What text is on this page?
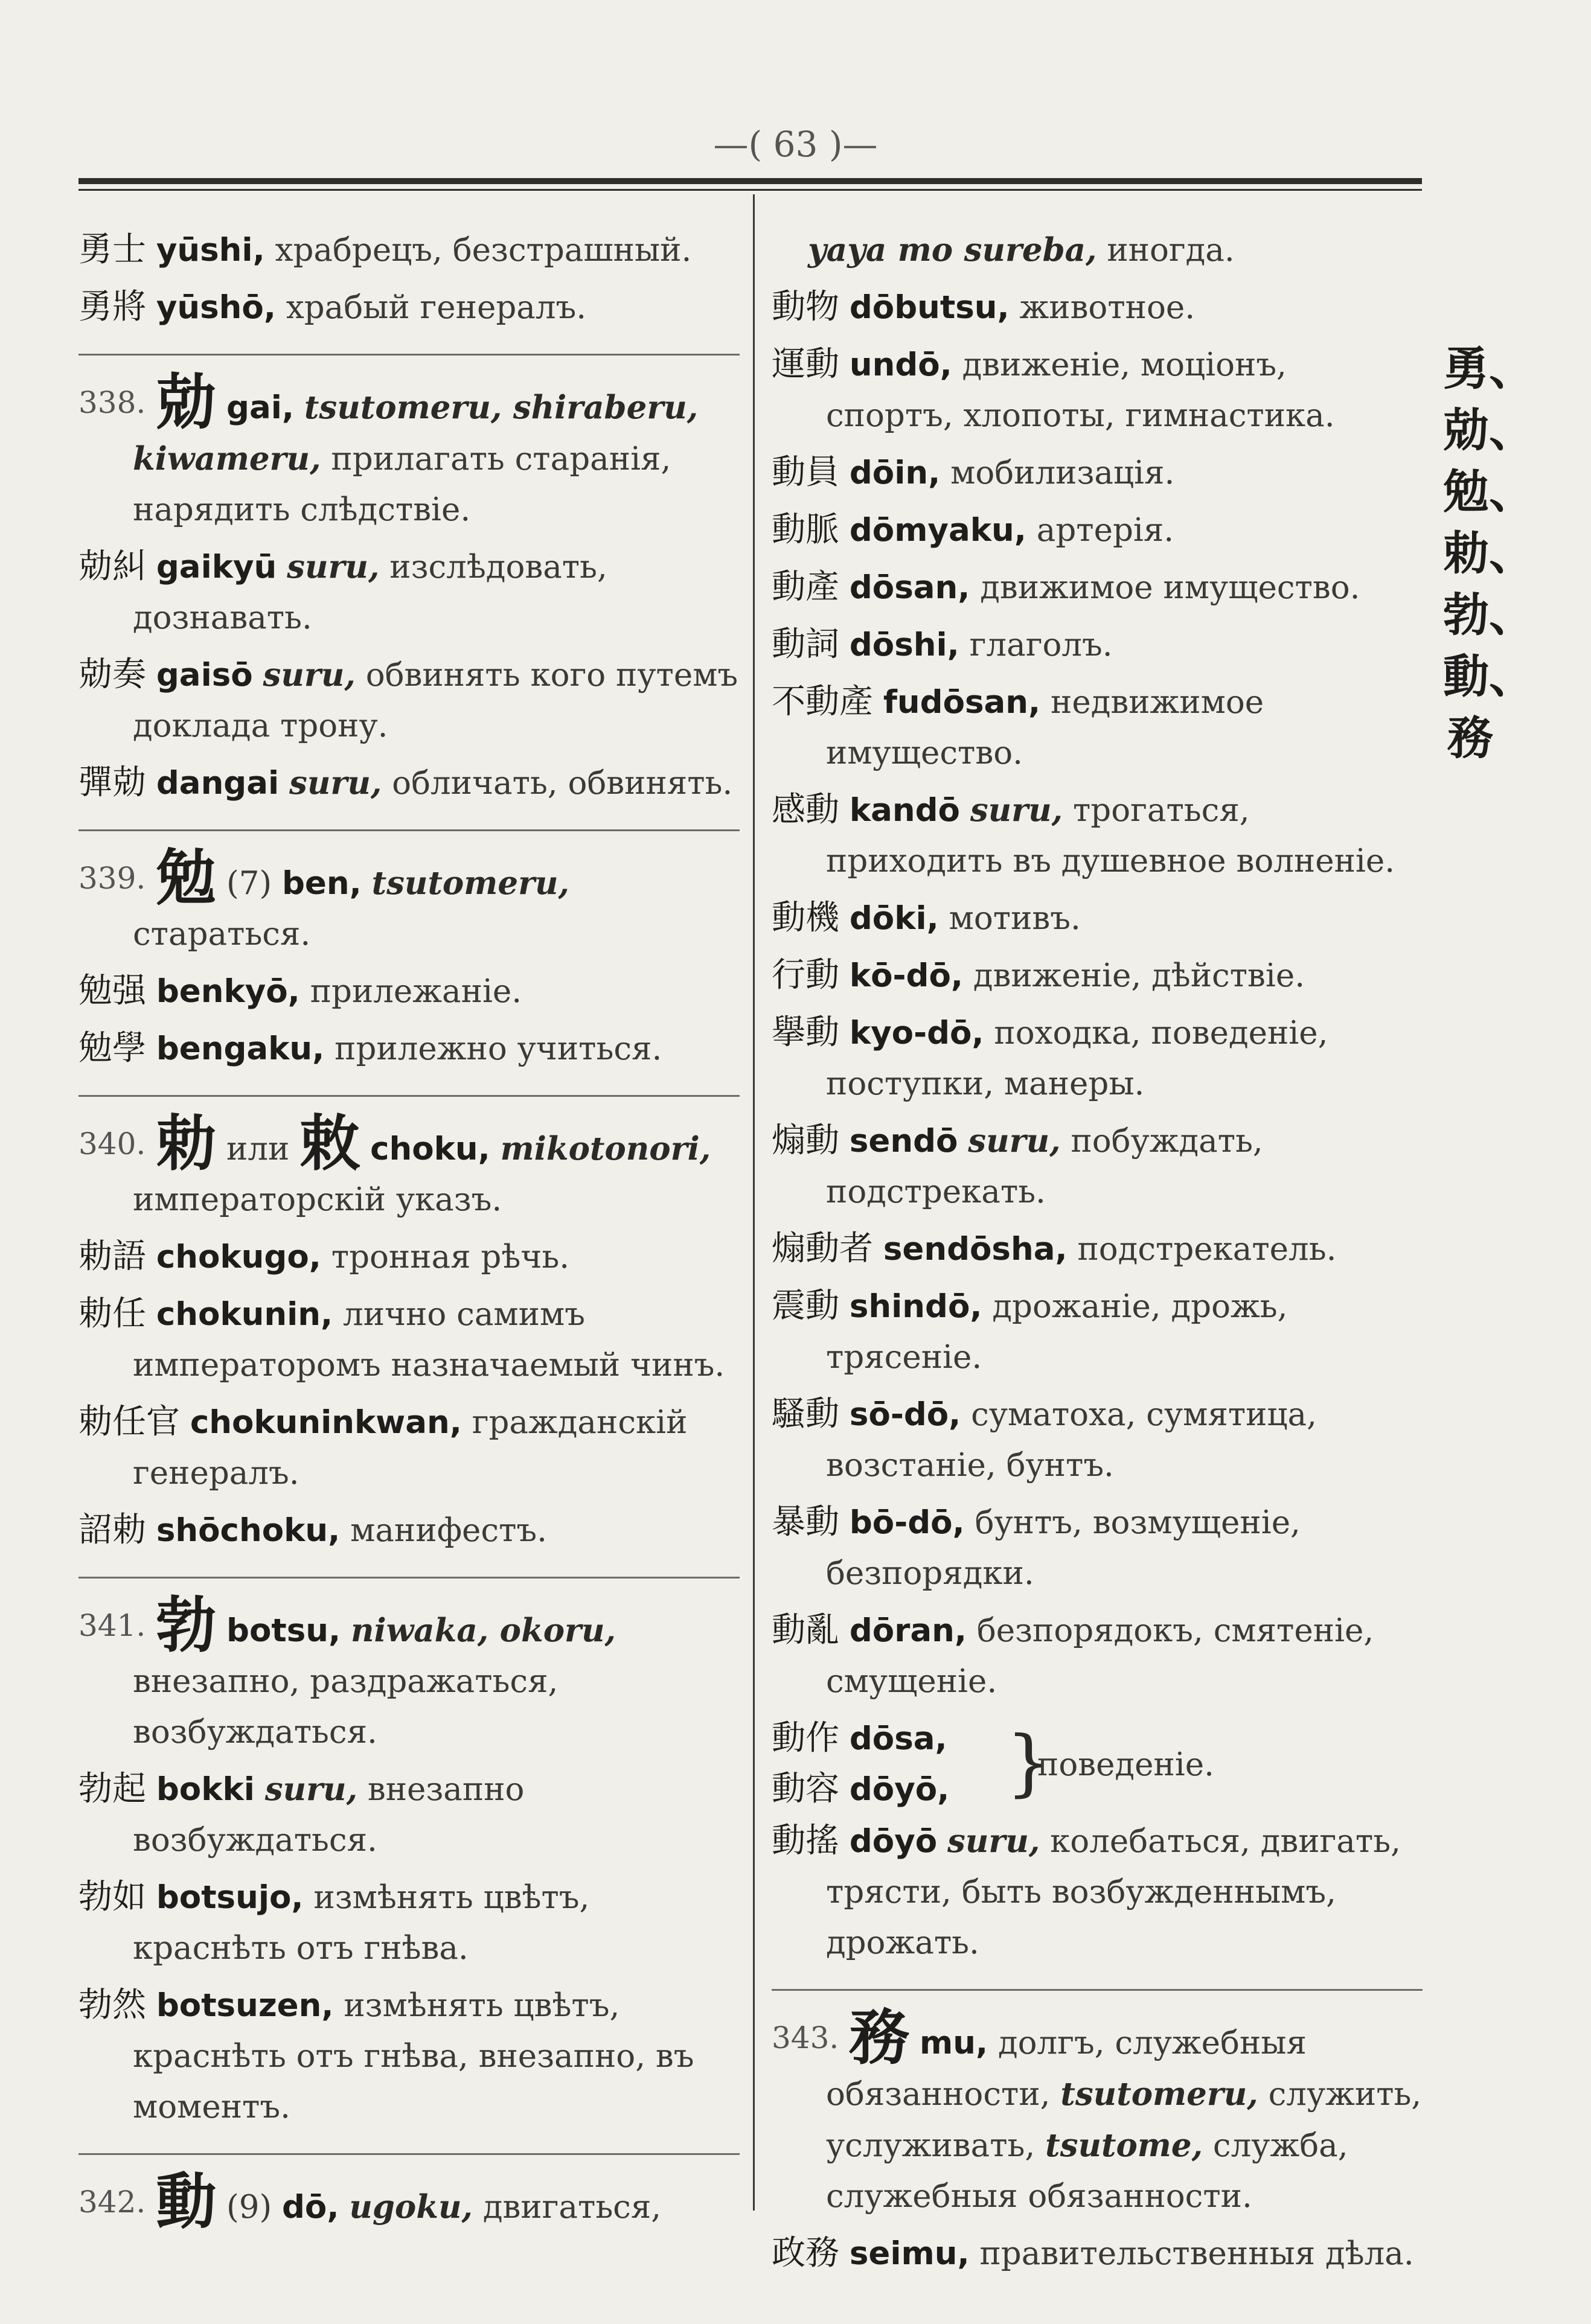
—( 63 )—
勇士 yūshi, храбрецъ, безстрашный.
勇將 yūshō, храбый генералъ.
338. 勀 gai, tsutomeru, shiraberu, kiwameru, прилагать старанія, нарядить слѣдствіе.
勀糾 gaikyū suru, изслѣдовать, дознавать.
勀奏 gaisō suru, обвинять кого путемъ доклада трону.
彈勀 dangai suru, обличать, обвинять.
339. 勉 (7) ben, tsutomeru, стараться.
勉强 benkyō, прилежаніе.
勉學 bengaku, прилежно учиться.
340. 勅 или 敕 choku, mikotonori, императорскій указъ.
勅語 chokugo, тронная рѣчь.
勅任 chokunin, лично самимъ императоромъ назначаемый чинъ.
勅任官 chokuninkwan, гражданскій генералъ.
詔勅 shōchoku, манифестъ.
341. 勃 botsu, niwaka, okoru, внезапно, раздражаться, возбуждаться.
勃起 bokki suru, внезапно возбуждаться.
勃如 botsujo, измѣнять цвѣтъ, краснѣть отъ гнѣва.
勃然 botsuzen, измѣнять цвѣтъ, краснѣть отъ гнѣва, внезапно, въ моментъ.
342. 動 (9) dō, ugoku, двигаться,
yaya mo sureba, иногда.
動物 dōbutsu, животное.
運動 undō, движеніе, моціонъ, спортъ, хлопоты, гимнастика.
動員 dōin, мобилизація.
動脈 dōmyaku, артерія.
動產 dōsan, движимое имущество.
動詞 dōshi, глаголъ.
不動產 fudōsan, недвижимое имущество.
感動 kandō suru, трогаться, приходить въ душевное волненіе.
動機 dōki, мотивъ.
行動 kō-dō, движеніе, дѣйствіе.
擧動 kyo-dō, походка, поведеніе, поступки, манеры.
煽動 sendō suru, побуждать, подстрекать.
煽動者 sendōsha, подстрекатель.
震動 shindō, дрожаніе, дрожь, трясеніе.
騷動 sō-dō, суматоха, сумятица, возстаніе, бунтъ.
暴動 bō-dō, бунтъ, возмущеніе, безпорядки.
動亂 dōran, безпорядокъ, смятеніе, смущеніе.
動作 dōsa,
動容 dōyō, }
поведеніе.
動搖 dōyō suru, колебаться, двигать, трясти, быть возбужденнымъ, дрожать.
343. 務 mu, долгъ, служебныя обязанности, tsutomeru, служить, услуживать, tsutome, служба, служебныя обязанности.
政務 seimu, правительственныя дѣла.
勇、
勀、
勉、
勅、
勃、
動、
務
